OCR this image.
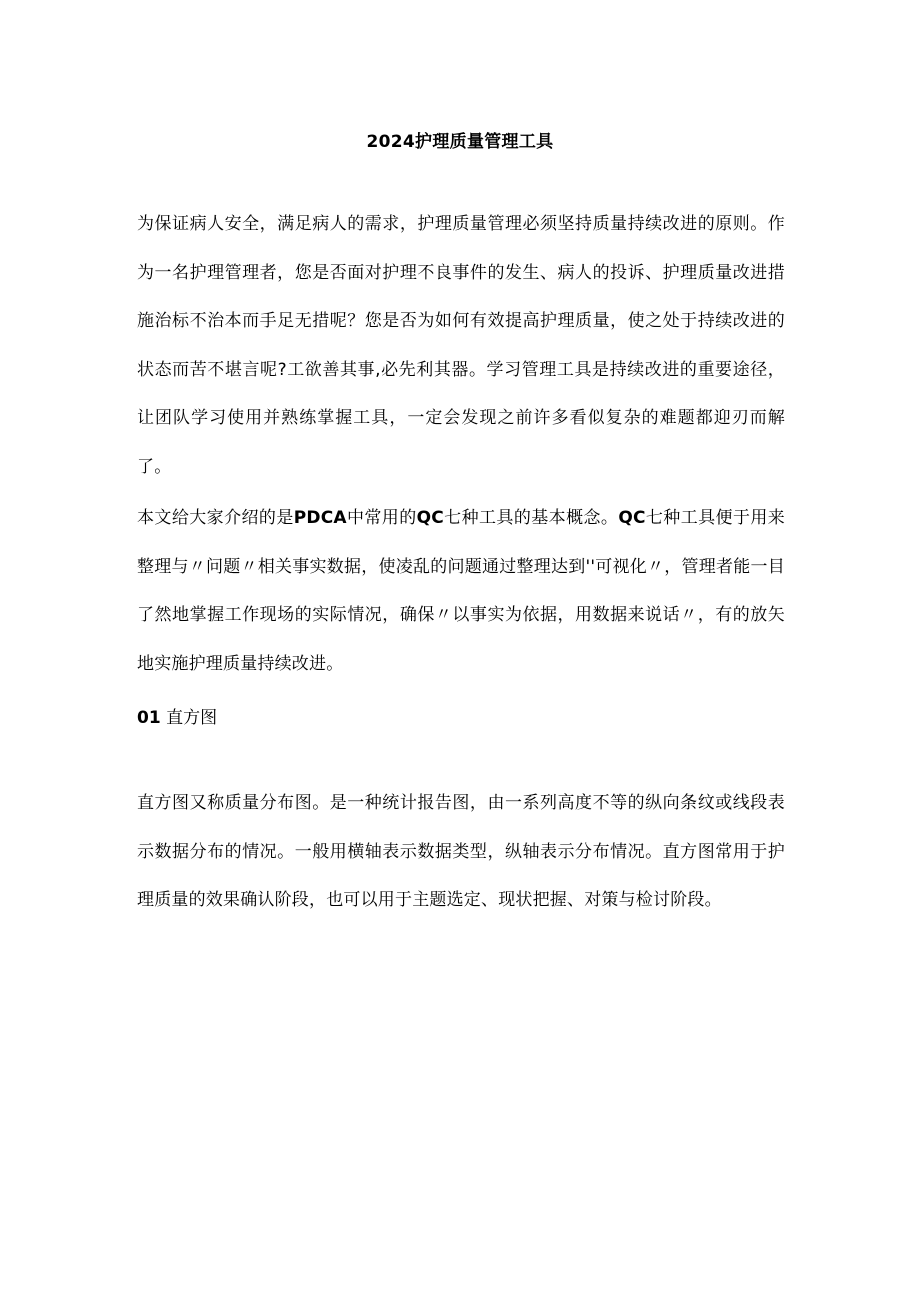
2024护理质量管理工具
为保证病人安全，满足病人的需求，护理质量管理必须坚持质量持续改进的原则。作为一名护理管理者，您是否面对护理不良事件的发生、病人的投诉、护理质量改进措施治标不治本而手足无措呢？您是否为如何有效提高护理质量，使之处于持续改进的状态而苦不堪言呢?工欲善其事,必先利其器。学习管理工具是持续改进的重要途径，让团队学习使用并熟练掌握工具，一定会发现之前许多看似复杂的难题都迎刃而解了。
本文给大家介绍的是PDCA中常用的QC七种工具的基本概念。QC七种工具便于用来整理与〃问题〃相关事实数据，使凌乱的问题通过整理达到''可视化〃，管理者能一目了然地掌握工作现场的实际情况，确保〃以事实为依据，用数据来说话〃，有的放矢地实施护理质量持续改进。
01 直方图
直方图又称质量分布图。是一种统计报告图，由一系列高度不等的纵向条纹或线段表示数据分布的情况。一般用横轴表示数据类型，纵轴表示分布情况。直方图常用于护理质量的效果确认阶段，也可以用于主题选定、现状把握、对策与检讨阶段。
